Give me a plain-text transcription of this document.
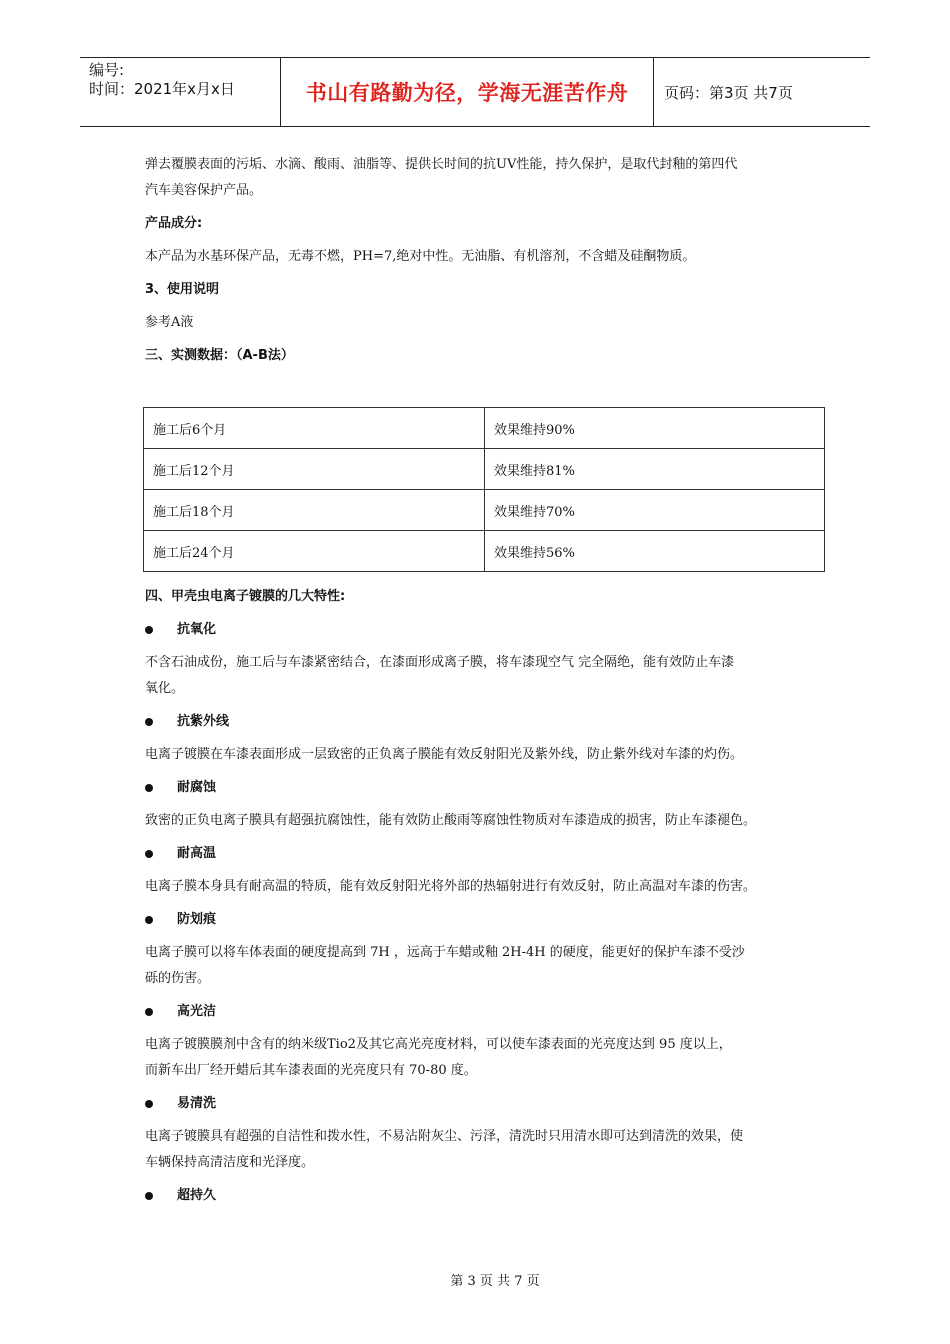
编号:
时间：2021年x月x日	书山有路勤为径，学海无涯苦作舟	页码：第3页 共7页

弹去覆膜表面的污垢、水滴、酸雨、油脂等、提供长时间的抗UV性能，持久保护，是取代封釉的第四代

汽车美容保护产品。

产品成分:

本产品为水基环保产品，无毒不燃，PH=7,绝对中性。无油脂、有机溶剂，不含蜡及硅酮物质。

3、使用说明

参考A液

三、实测数据：（A-B法）
施工后6个月	效果维持90%
施工后12个月	效果维持81%
施工后18个月	效果维持70%
施工后24个月	效果维持56%
四、甲壳虫电离子镀膜的几大特性:
抗氧化

不含石油成份，施工后与车漆紧密结合，在漆面形成离子膜，将车漆现空气 完全隔绝，能有效防止车漆

氧化。

抗紫外线

电离子镀膜在车漆表面形成一层致密的正负离子膜能有效反射阳光及紫外线，防止紫外线对车漆的灼伤。

耐腐蚀

致密的正负电离子膜具有超强抗腐蚀性，能有效防止酸雨等腐蚀性物质对车漆造成的损害，防止车漆褪色。

耐高温

电离子膜本身具有耐高温的特质，能有效反射阳光将外部的热辐射进行有效反射，防止高温对车漆的伤害。

防划痕

电离子膜可以将车体表面的硬度提高到 7H ，远高于车蜡或釉 2H-4H 的硬度，能更好的保护车漆不受沙

砾的伤害。

高光洁

电离子镀膜膜剂中含有的纳米级Tio2及其它高光亮度材料，可以使车漆表面的光亮度达到 95 度以上，

而新车出厂经开蜡后其车漆表面的光亮度只有 70-80 度。

易清洗

电离子镀膜具有超强的自洁性和拨水性，不易沾附灰尘、污泽，清洗时只用清水即可达到清洗的效果，使

车辆保持高清洁度和光泽度。

超持久
第 3 页 共 7 页
